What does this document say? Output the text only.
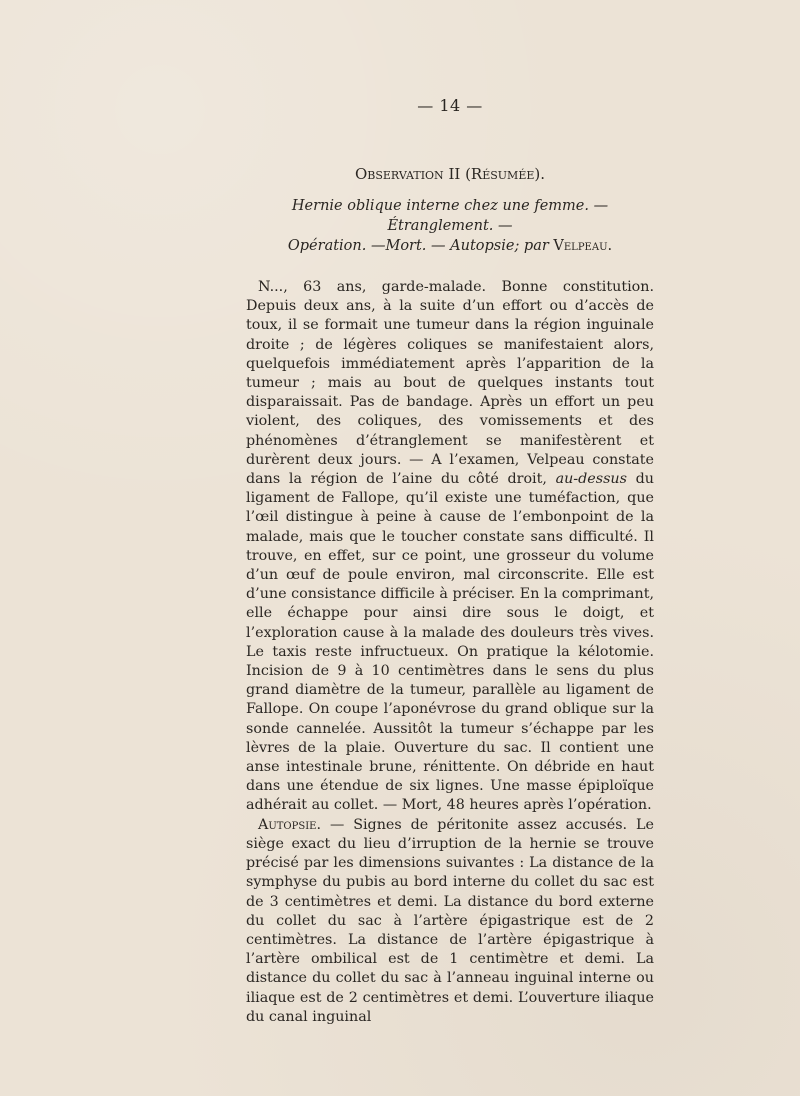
— 14 —
Observation II (Résumée).
Hernie oblique interne chez une femme. — Étranglement. —
Opération. —Mort. — Autopsie; par Velpeau.

N..., 63 ans, garde-malade. Bonne constitution. Depuis deux ans, à la suite d’un effort ou d’accès de toux, il se formait une tumeur dans la région inguinale droite ; de légères coliques se manifestaient alors, quelquefois immédiatement après l’apparition de la tumeur ; mais au bout de quelques instants tout disparaissait. Pas de bandage. Après un effort un peu violent, des coliques, des vomissements et des phénomènes d’étranglement se manifestèrent et durèrent deux jours. — A l’examen, Velpeau constate dans la région de l’aine du côté droit, au-dessus du ligament de Fallope, qu’il existe une tuméfaction, que l’œil distingue à peine à cause de l’embonpoint de la malade, mais que le toucher constate sans difficulté. Il trouve, en effet, sur ce point, une grosseur du volume d’un œuf de poule environ, mal circonscrite. Elle est d’une consistance difficile à préciser. En la comprimant, elle échappe pour ainsi dire sous le doigt, et l’exploration cause à la malade des douleurs très vives. Le taxis reste infructueux. On pratique la kélotomie. Incision de 9 à 10 centimètres dans le sens du plus grand diamètre de la tumeur, parallèle au ligament de Fallope. On coupe l’aponévrose du grand oblique sur la sonde cannelée. Aussitôt la tumeur s’échappe par les lèvres de la plaie. Ouverture du sac. Il contient une anse intestinale brune, rénittente. On débride en haut dans une étendue de six lignes. Une masse épiploïque adhérait au collet. — Mort, 48 heures après l’opération.

Autopsie. — Signes de péritonite assez accusés. Le siège exact du lieu d’irruption de la hernie se trouve précisé par les dimensions suivantes : La distance de la symphyse du pubis au bord interne du collet du sac est de 3 centimètres et demi. La distance du bord externe du collet du sac à l’artère épigastrique est de 2 centimètres. La distance de l’artère épigastrique à l’artère ombilical est de 1 centimètre et demi. La distance du collet du sac à l’anneau inguinal interne ou iliaque est de 2 centimètres et demi. L’ouverture iliaque du canal inguinal
